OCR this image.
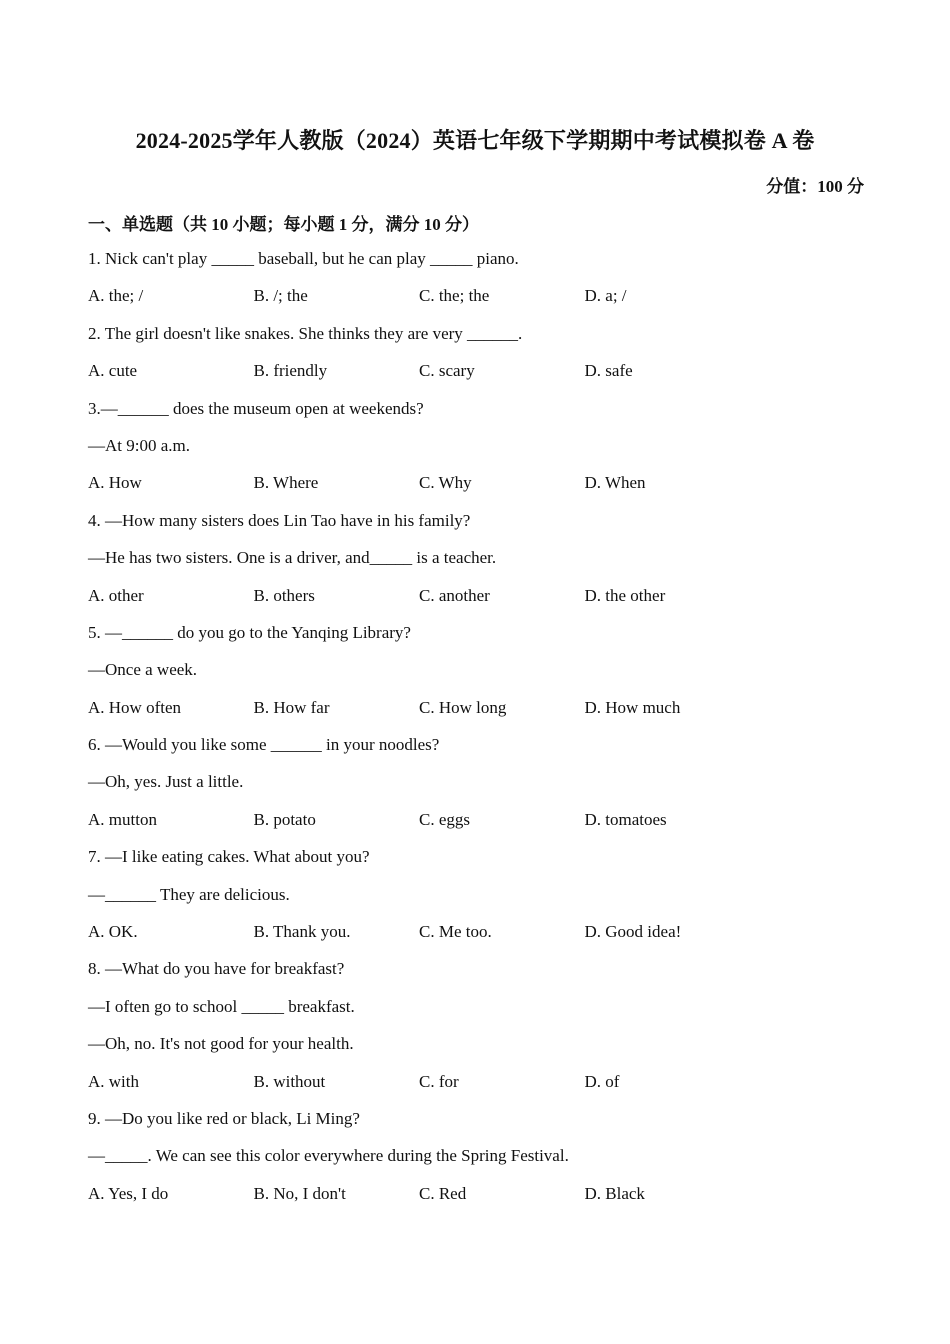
2024-2025学年人教版（2024）英语七年级下学期期中考试模拟卷 A 卷
分值：100 分
一、单选题（共 10 小题；每小题 1 分，满分 10 分）
1. Nick can't play _____ baseball, but he can play _____ piano.
A. the; /	B. /; the	C. the; the	D. a; /
2. The girl doesn't like snakes. She thinks they are very ______.
A. cute	B. friendly	C. scary	D. safe
3.—______ does the museum open at weekends?
—At 9:00 a.m.
A. How	B. Where	C. Why	D. When
4. —How many sisters does Lin Tao have in his family?
—He has two sisters. One is a driver, and_____ is a teacher.
A. other	B. others	C. another	D. the other
5. —______ do you go to the Yanqing Library?
—Once a week.
A. How often	B. How far	C. How long	D. How much
6. —Would you like some ______ in your noodles?
—Oh, yes. Just a little.
A. mutton	B. potato	C. eggs	D. tomatoes
7. —I like eating cakes. What about you?
—______ They are delicious.
A. OK.	B. Thank you.	C. Me too.	D. Good idea!
8. —What do you have for breakfast?
—I often go to school _____ breakfast.
—Oh, no. It's not good for your health.
A. with	B. without	C. for	D. of
9. —Do you like red or black, Li Ming?
—_____. We can see this color everywhere during the Spring Festival.
A. Yes, I do	B. No, I don't	C. Red	D. Black
